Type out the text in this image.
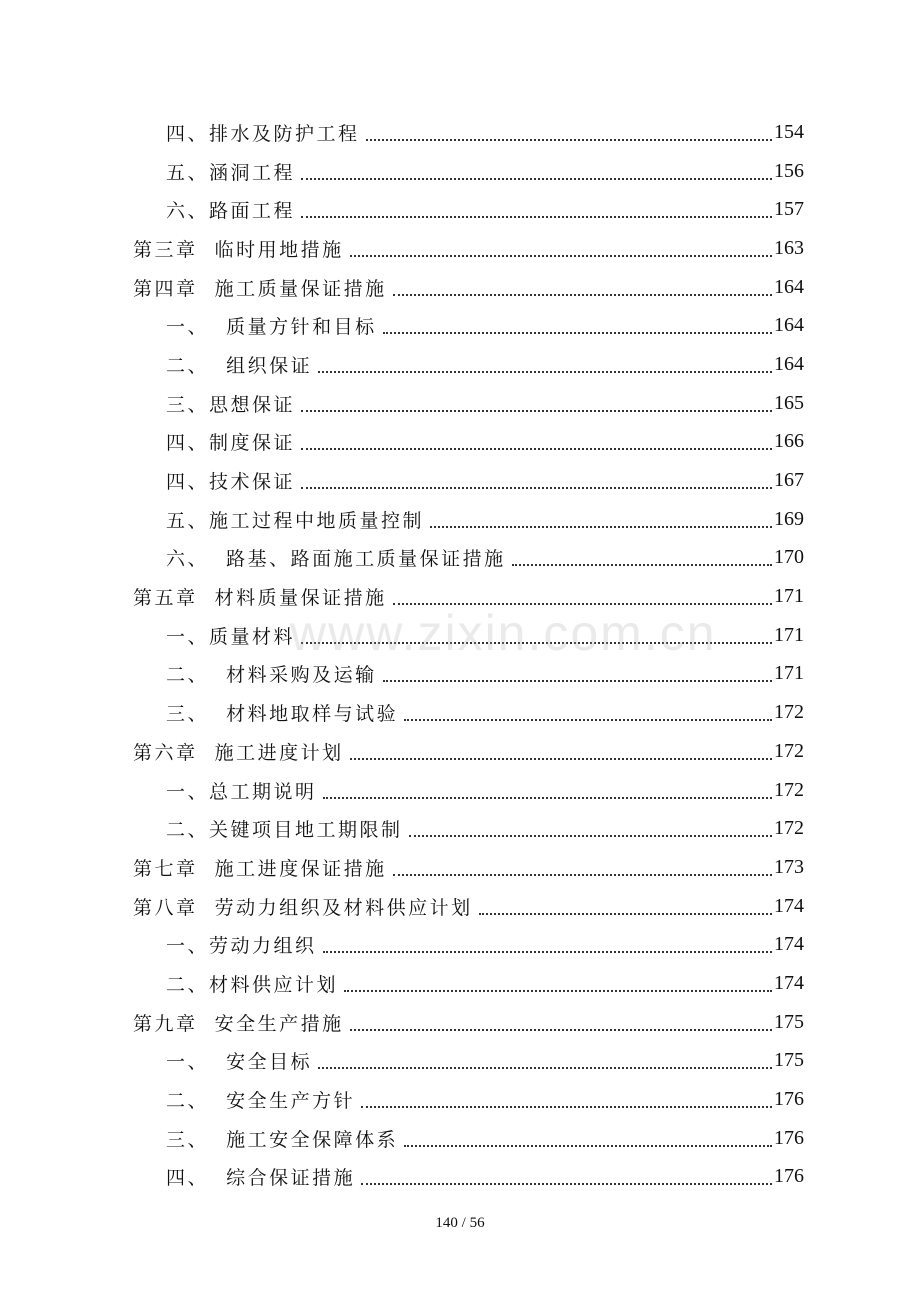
四、排水及防护工程	154
五、涵洞工程	156
六、路面工程	157
第三章  临时用地措施	163
第四章  施工质量保证措施	164
一、  质量方针和目标	164
二、  组织保证	164
三、思想保证	165
四、制度保证	166
四、技术保证	167
五、施工过程中地质量控制	169
六、  路基、路面施工质量保证措施	170
第五章  材料质量保证措施	171
一、质量材料	171
二、  材料采购及运输	171
三、  材料地取样与试验	172
第六章  施工进度计划	172
一、总工期说明	172
二、关键项目地工期限制	172
第七章  施工进度保证措施	173
第八章  劳动力组织及材料供应计划	174
一、劳动力组织	174
二、材料供应计划	174
第九章  安全生产措施	175
一、  安全目标	175
二、  安全生产方针	176
三、  施工安全保障体系	176
四、  综合保证措施	176
www.zixin.com.cn
140 / 56
